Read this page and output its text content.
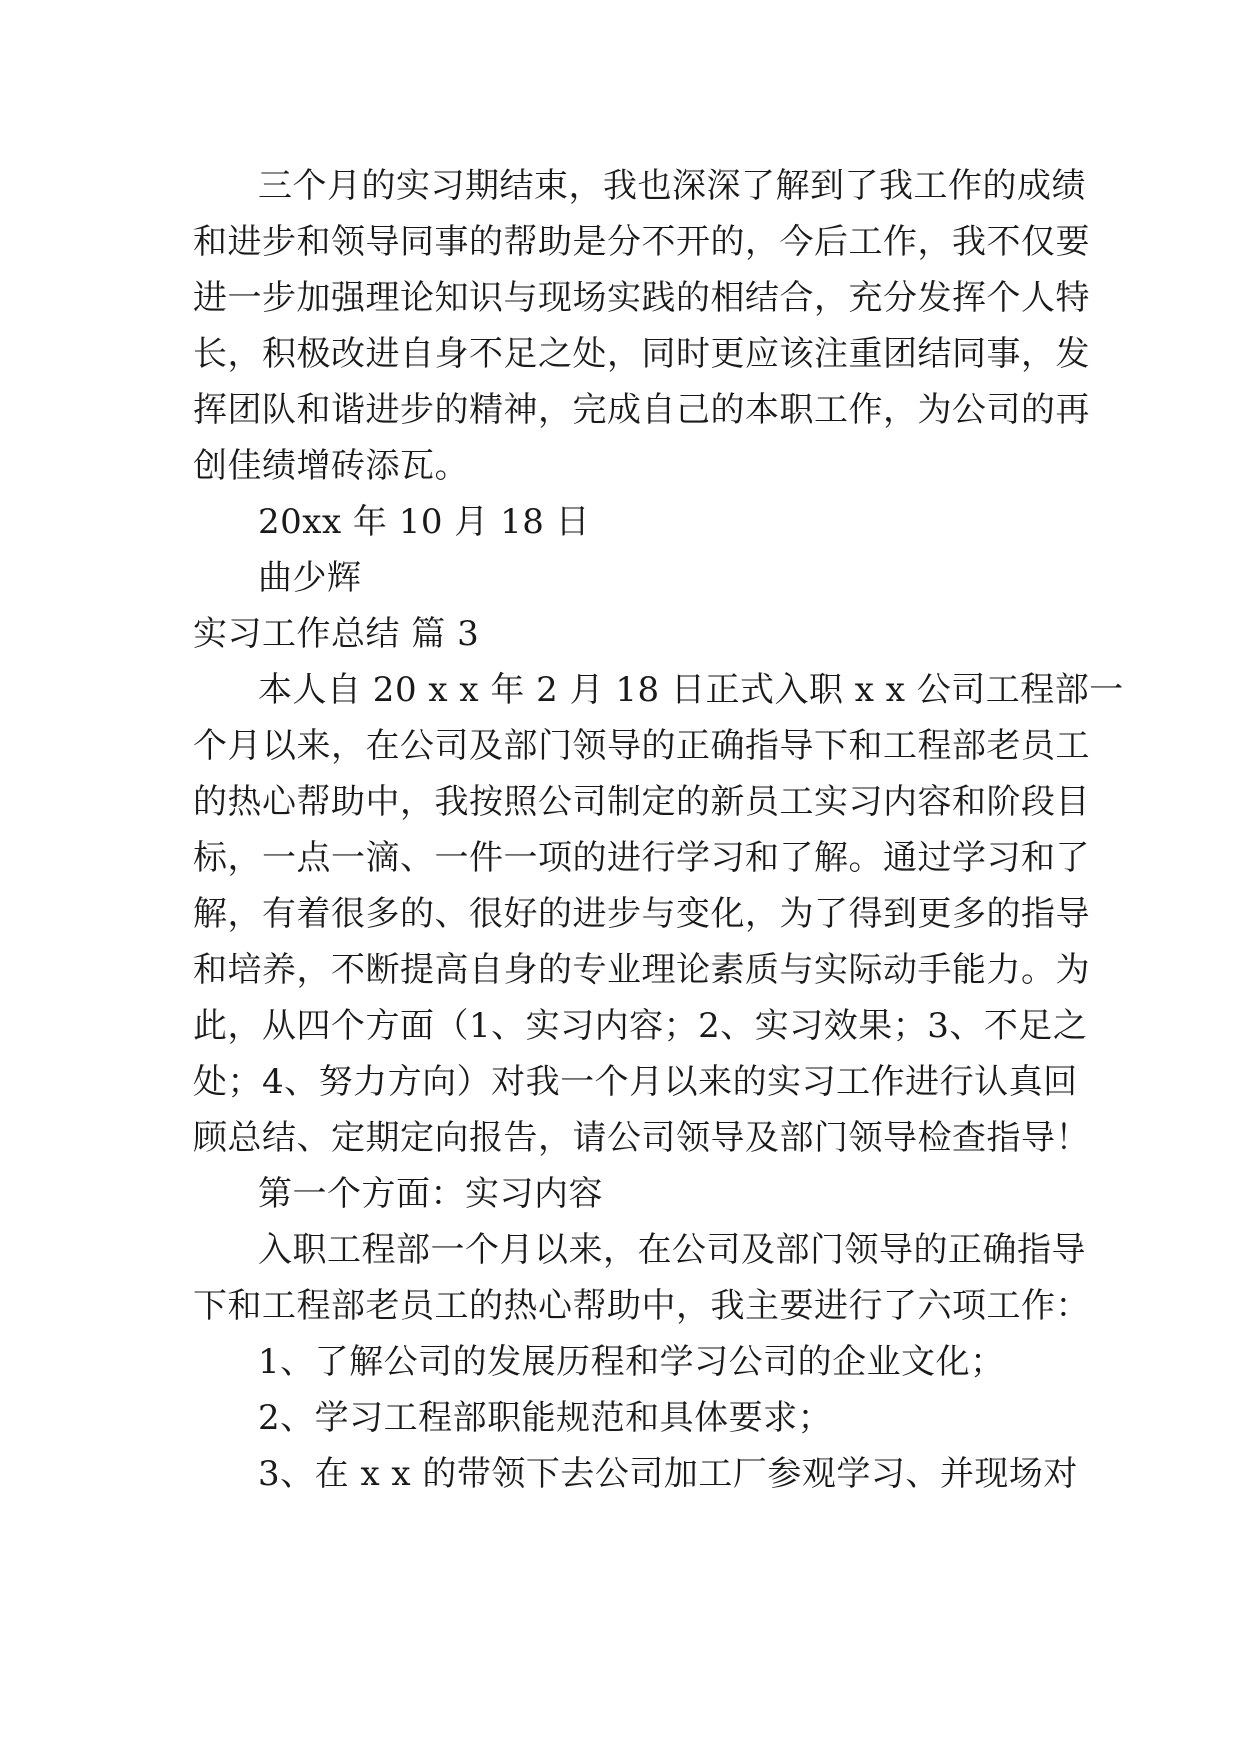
三个月的实习期结束，我也深深了解到了我工作的成绩
和进步和领导同事的帮助是分不开的，今后工作，我不仅要
进一步加强理论知识与现场实践的相结合，充分发挥个人特
长，积极改进自身不足之处，同时更应该注重团结同事，发
挥团队和谐进步的精神，完成自己的本职工作，为公司的再
创佳绩增砖添瓦。
20xx 年 10 月 18 日
曲少辉
实习工作总结 篇 3
本人自 20 x x 年 2 月 18 日正式入职 x x 公司工程部一
个月以来，在公司及部门领导的正确指导下和工程部老员工
的热心帮助中，我按照公司制定的新员工实习内容和阶段目
标，一点一滴、一件一项的进行学习和了解。通过学习和了
解，有着很多的、很好的进步与变化，为了得到更多的指导
和培养，不断提高自身的专业理论素质与实际动手能力。为
此，从四个方面（1、实习内容；2、实习效果；3、不足之
处；4、努力方向）对我一个月以来的实习工作进行认真回
顾总结、定期定向报告，请公司领导及部门领导检查指导！
第一个方面：实习内容
入职工程部一个月以来，在公司及部门领导的正确指导
下和工程部老员工的热心帮助中，我主要进行了六项工作：
1、了解公司的发展历程和学习公司的企业文化；
2、学习工程部职能规范和具体要求；
3、在 x x 的带领下去公司加工厂参观学习、并现场对
